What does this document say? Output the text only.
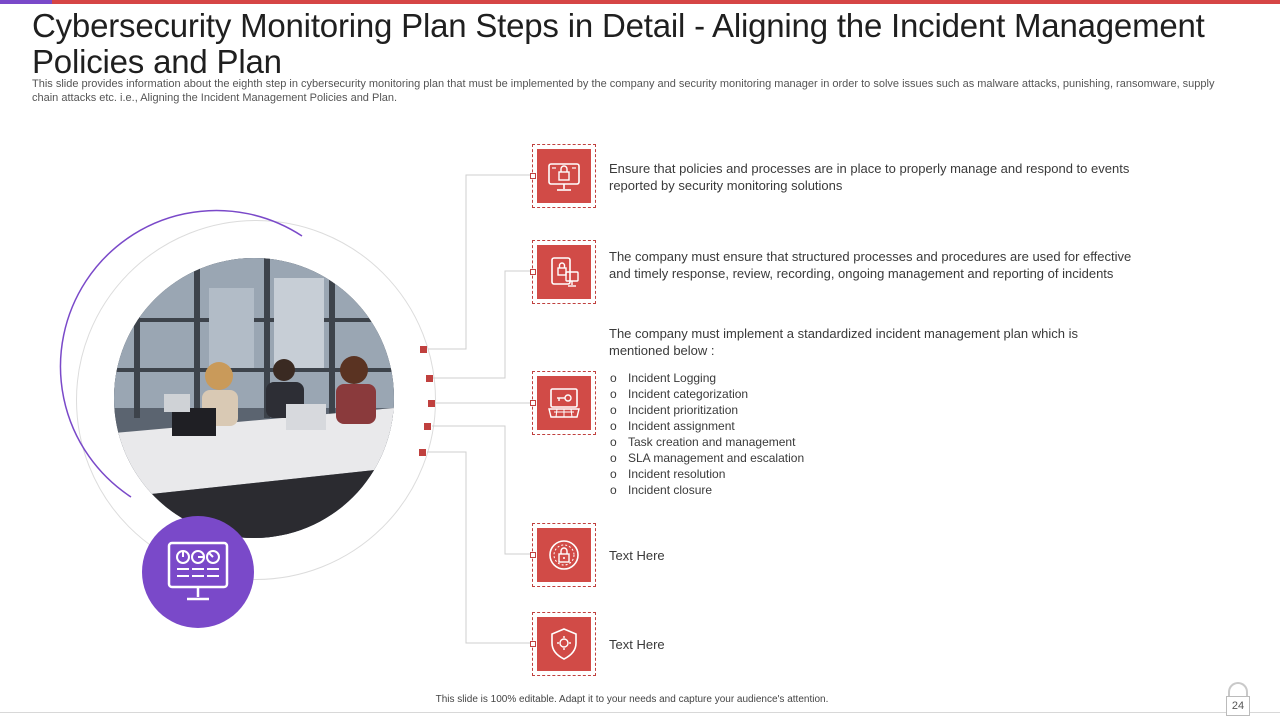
Cybersecurity Monitoring Plan Steps in Detail - Aligning the Incident Management Policies and Plan

This slide provides information about the eighth step in cybersecurity monitoring plan that must be implemented by the company and security monitoring manager in order to solve issues such as malware attacks, punishing, ransomware, supply chain attacks etc. i.e., Aligning the Incident Management Policies and Plan.

Ensure that policies and processes are in place to properly manage and respond to events reported by security monitoring solutions

The company must ensure that structured processes and procedures are used for effective and timely response, review, recording, ongoing management and reporting of incidents

The company must implement a standardized incident management plan which is mentioned below :

o Incident Logging
o Incident categorization
o Incident prioritization
o Incident assignment
o Task creation and management
o SLA management and escalation
o Incident resolution
o Incident closure

Text Here

Text Here

This slide is 100% editable. Adapt it to your needs and capture your audience's attention.
24
